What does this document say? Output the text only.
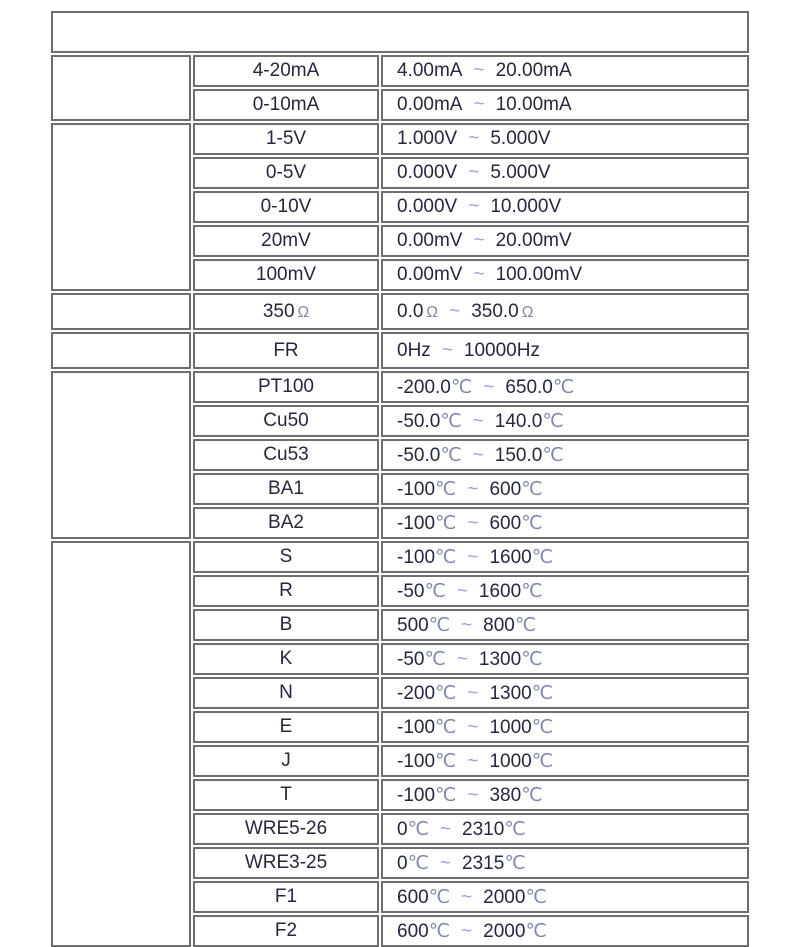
类型 量程 可测量范围		

电流	4-20mA	4.00mA ~ 20.00mA
	0-10mA	0.00mA ~ 10.00mA
电压	1-5V	1.000V ~ 5.000V
	0-5V	0.000V ~ 5.000V
	0-10V	0.000V ~ 10.000V
	20mV	0.00mV ~ 20.00mV
	100mV	0.00mV ~ 100.00mV
电阻	350 Ω	0.0 Ω ~ 350.0 Ω
频率	FR	0Hz ~ 10000Hz
热电阻	PT100	-200.0℃ ~ 650.0℃
	Cu50	-50.0℃ ~ 140.0℃
	Cu53	-50.0℃ ~ 150.0℃
	BA1	-100℃ ~ 600℃
	BA2	-100℃ ~ 600℃
热电偶	S	-100℃ ~ 1600℃
	R	-50℃ ~ 1600℃
	B	500℃ ~ 800℃
	K	-50℃ ~ 1300℃
	N	-200℃ ~ 1300℃
	E	-100℃ ~ 1000℃
	J	-100℃ ~ 1000℃
	T	-100℃ ~ 380℃
	WRE5-26	0℃ ~ 2310℃
	WRE3-25	0℃ ~ 2315℃
	F1	600℃ ~ 2000℃
	F2	600℃ ~ 2000℃
